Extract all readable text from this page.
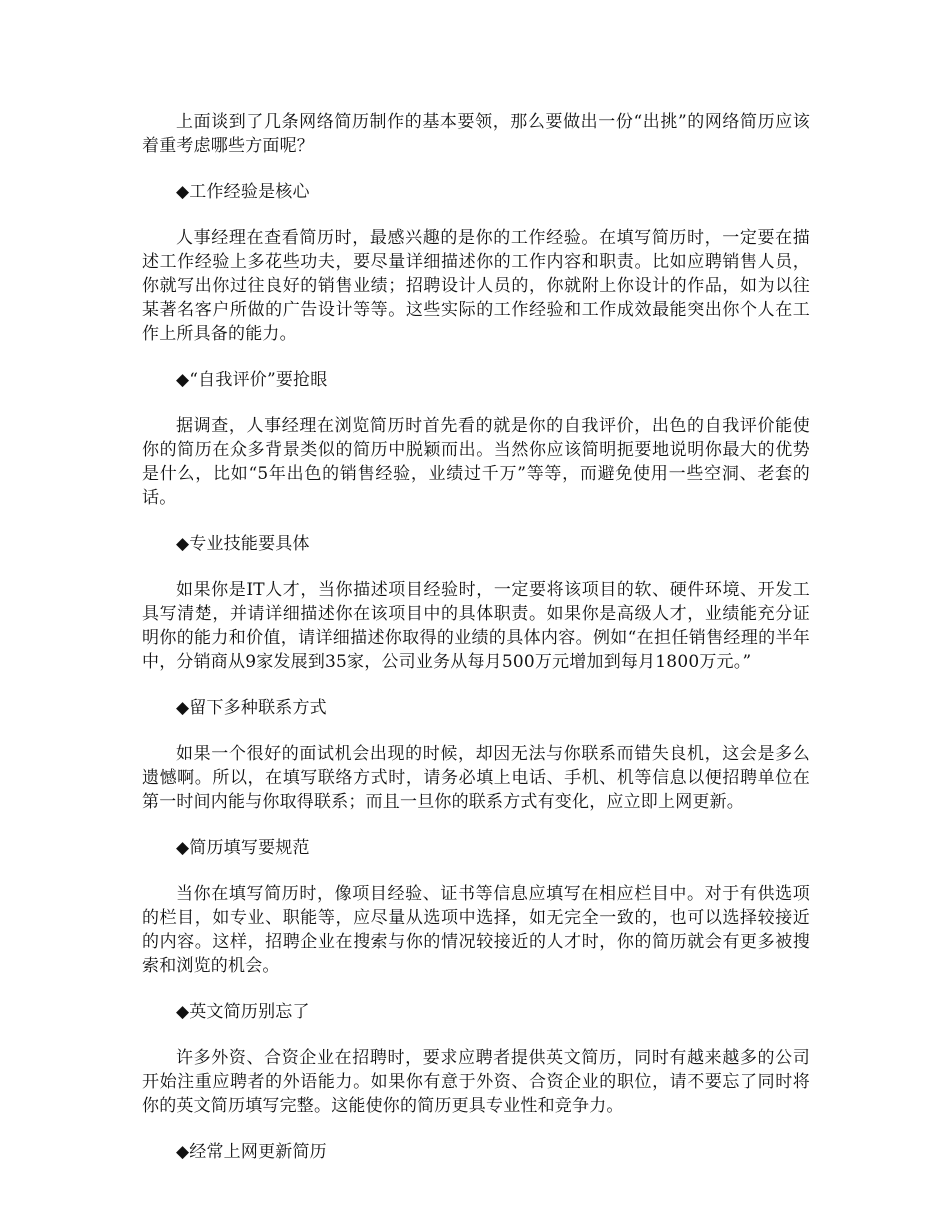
上面谈到了几条网络简历制作的基本要领，那么要做出一份“出挑”的网络简历应该着重考虑哪些方面呢？

◆工作经验是核心

人事经理在查看简历时，最感兴趣的是你的工作经验。在填写简历时，一定要在描述工作经验上多花些功夫，要尽量详细描述你的工作内容和职责。比如应聘销售人员，你就写出你过往良好的销售业绩；招聘设计人员的，你就附上你设计的作品，如为以往某著名客户所做的广告设计等等。这些实际的工作经验和工作成效最能突出你个人在工作上所具备的能力。

◆“自我评价”要抢眼

据调查，人事经理在浏览简历时首先看的就是你的自我评价，出色的自我评价能使你的简历在众多背景类似的简历中脱颖而出。当然你应该简明扼要地说明你最大的优势是什么，比如“5年出色的销售经验，业绩过千万”等等，而避免使用一些空洞、老套的话。

◆专业技能要具体

如果你是IT人才，当你描述项目经验时，一定要将该项目的软、硬件环境、开发工具写清楚，并请详细描述你在该项目中的具体职责。如果你是高级人才，业绩能充分证明你的能力和价值，请详细描述你取得的业绩的具体内容。例如“在担任销售经理的半年中，分销商从9家发展到35家，公司业务从每月500万元增加到每月1800万元。”

◆留下多种联系方式

如果一个很好的面试机会出现的时候，却因无法与你联系而错失良机，这会是多么遗憾啊。所以，在填写联络方式时，请务必填上电话、手机、机等信息以便招聘单位在第一时间内能与你取得联系；而且一旦你的联系方式有变化，应立即上网更新。

◆简历填写要规范

当你在填写简历时，像项目经验、证书等信息应填写在相应栏目中。对于有供选项的栏目，如专业、职能等，应尽量从选项中选择，如无完全一致的，也可以选择较接近的内容。这样，招聘企业在搜索与你的情况较接近的人才时，你的简历就会有更多被搜索和浏览的机会。

◆英文简历别忘了

许多外资、合资企业在招聘时，要求应聘者提供英文简历，同时有越来越多的公司开始注重应聘者的外语能力。如果你有意于外资、合资企业的职位，请不要忘了同时将你的英文简历填写完整。这能使你的简历更具专业性和竞争力。

◆经常上网更新简历
